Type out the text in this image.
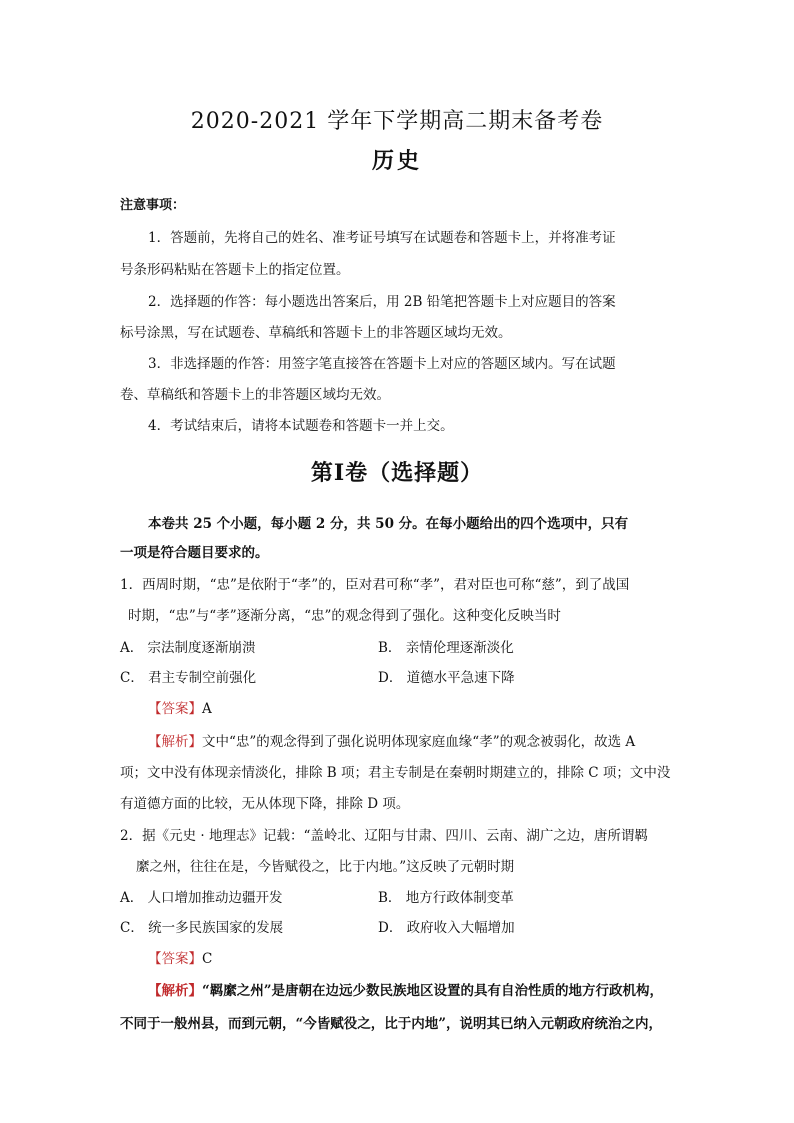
2020-2021 学年下学期高二期末备考卷
历史
注意事项：
1．答题前，先将自己的姓名、准考证号填写在试题卷和答题卡上，并将准考证
号条形码粘贴在答题卡上的指定位置。
2．选择题的作答：每小题选出答案后，用 2B 铅笔把答题卡上对应题目的答案
标号涂黑，写在试题卷、草稿纸和答题卡上的非答题区域均无效。
3．非选择题的作答：用签字笔直接答在答题卡上对应的答题区域内。写在试题
卷、草稿纸和答题卡上的非答题区域均无效。
4．考试结束后，请将本试题卷和答题卡一并上交。
第Ⅰ卷（选择题）
本卷共 25 个小题，每小题 2 分，共 50 分。在每小题给出的四个选项中，只有
一项是符合题目要求的。
1．西周时期，“忠”是依附于“孝”的，臣对君可称“孝”，君对臣也可称“慈”，到了战国
时期，“忠”与“孝”逐渐分离，“忠”的观念得到了强化。这种变化反映当时
A． 宗法制度逐渐崩溃	B． 亲情伦理逐渐淡化
C． 君主专制空前强化	D． 道德水平急速下降
【答案】A
【解析】文中“忠”的观念得到了强化说明体现家庭血缘“孝”的观念被弱化，故选 A
项；文中没有体现亲情淡化，排除 B 项；君主专制是在秦朝时期建立的，排除 C 项；文中没
有道德方面的比较，无从体现下降，排除 D 项。
2．据《元史 · 地理志》记载：“盖岭北、辽阳与甘肃、四川、云南、湖广之边，唐所谓羁
縻之州，往往在是，今皆赋役之，比于内地。”这反映了元朝时期
A． 人口增加推动边疆开发	B． 地方行政体制变革
C． 统一多民族国家的发展	D． 政府收入大幅增加
【答案】C
【解析】“羁縻之州”是唐朝在边远少数民族地区设置的具有自治性质的地方行政机构，
不同于一般州县，而到元朝，“今皆赋役之，比于内地”，说明其已纳入元朝政府统治之内，
